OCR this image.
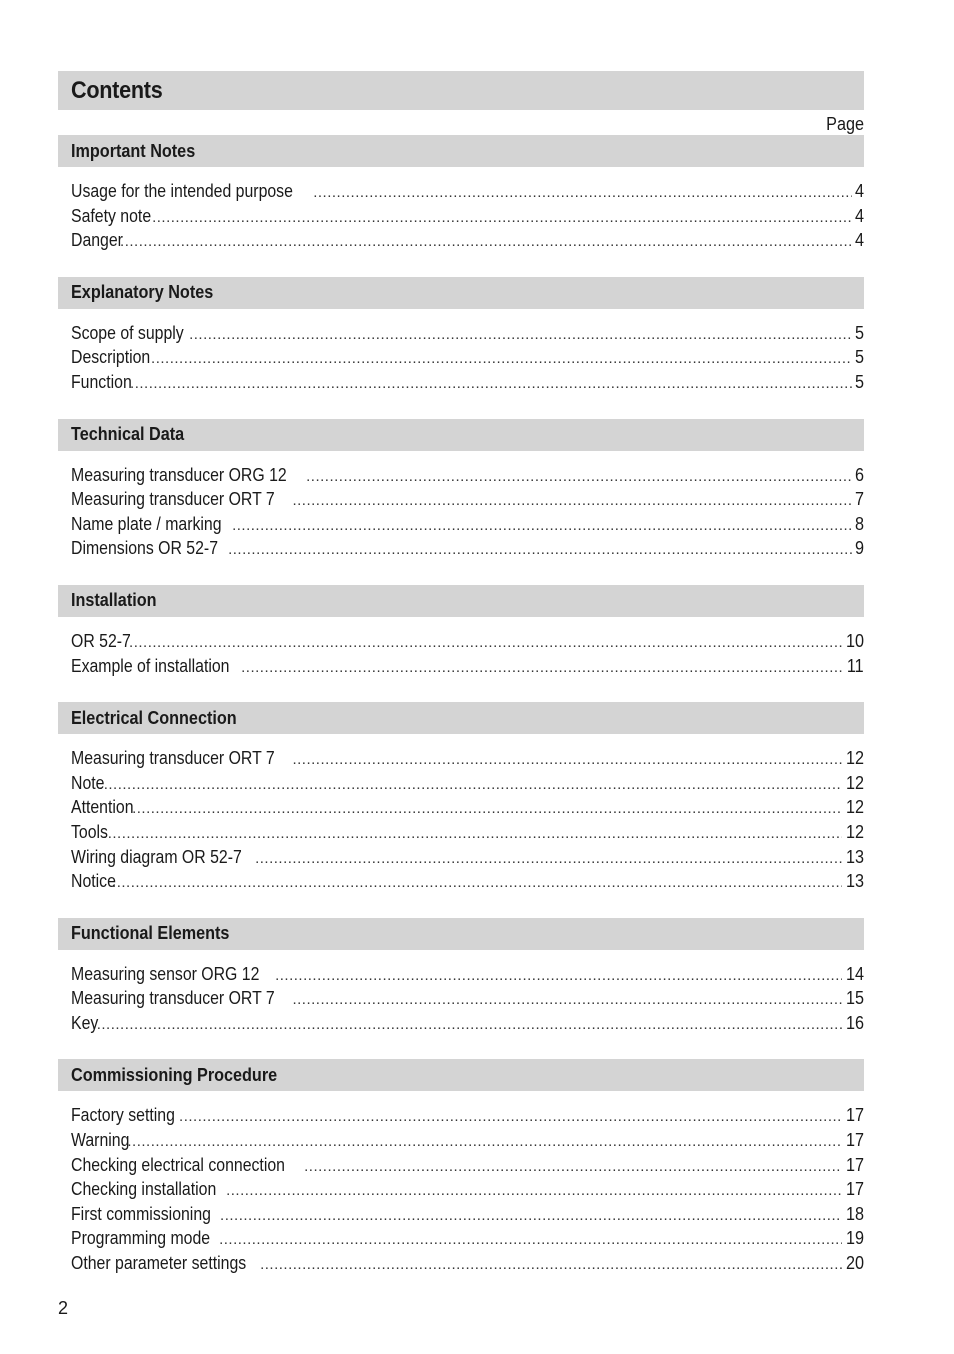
Contents
Page
Important Notes
Usage for the intended purpose .....	4
Safety note .....	4
Danger .....	4
Explanatory Notes
Scope of supply .....	5
Description .....	5
Function .....	5
Technical Data
Measuring transducer ORG 12 .....	6
Measuring transducer ORT 7 .....	7
Name plate / marking .....	8
Dimensions OR 52-7 .....	9
Installation
OR 52-7 .....	10
Example of installation .....	11
Electrical Connection
Measuring transducer ORT 7 .....	12
Note .....	12
Attention .....	12
Tools .....	12
Wiring diagram OR 52-7 .....	13
Notice .....	13
Functional Elements
Measuring sensor ORG 12 .....	14
Measuring transducer ORT 7 .....	15
Key .....	16
Commissioning Procedure
Factory setting .....	17
Warning .....	17
Checking electrical connection .....	17
Checking installation .....	17
First commissioning .....	18
Programming mode .....	19
Other parameter settings .....	20
2
